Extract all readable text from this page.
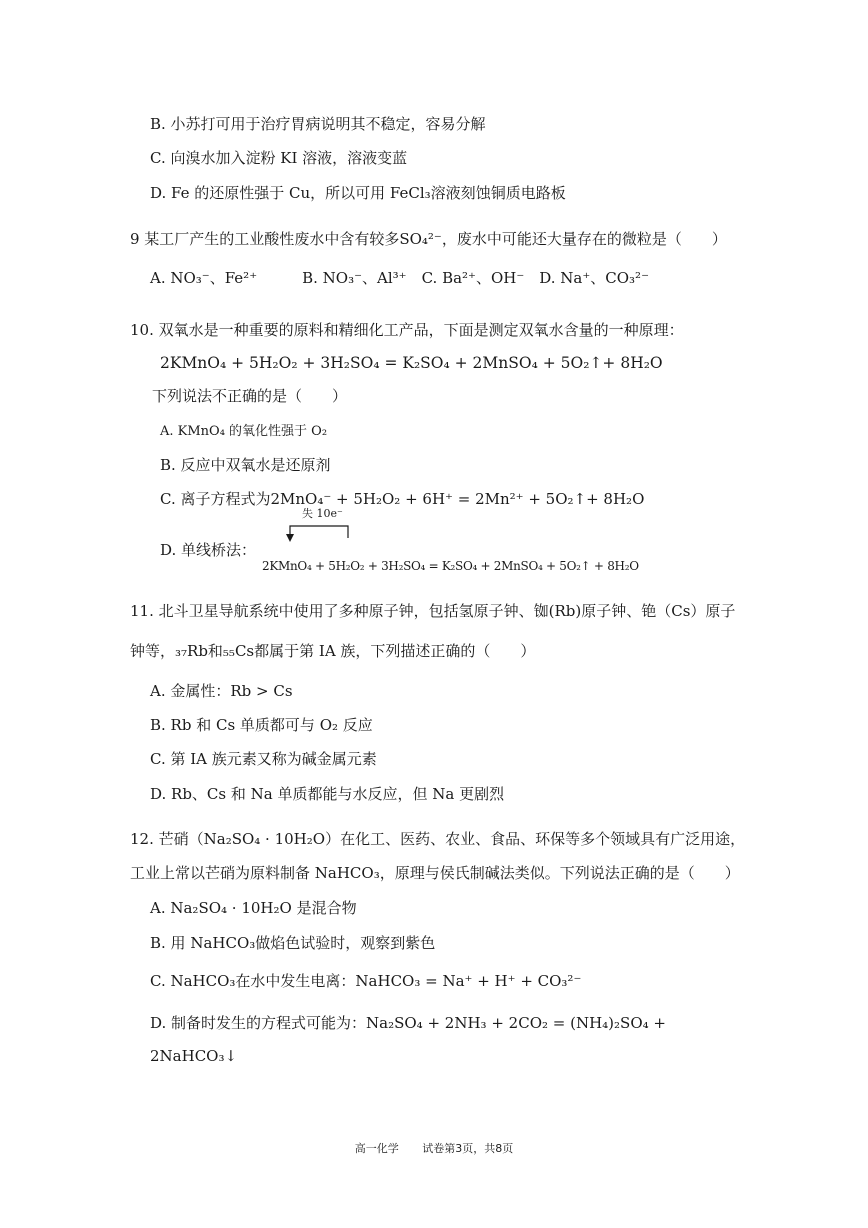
B. 小苏打可用于治疗胃病说明其不稳定，容易分解
C. 向溴水加入淀粉 KI 溶液，溶液变蓝
D. Fe 的还原性强于 Cu，所以可用 FeCl₃溶液刻蚀铜质电路板
9 某工厂产生的工业酸性废水中含有较多SO₄²⁻，废水中可能还大量存在的微粒是（　　）
A. NO₃⁻、Fe²⁺　　　B. NO₃⁻、Al³⁺　C. Ba²⁺、OH⁻　D. Na⁺、CO₃²⁻
10. 双氧水是一种重要的原料和精细化工产品，下面是测定双氧水含量的一种原理：
2KMnO₄ + 5H₂O₂ + 3H₂SO₄ = K₂SO₄ + 2MnSO₄ + 5O₂↑+ 8H₂O
下列说法不正确的是（　　）
A. KMnO₄ 的氧化性强于 O₂
B. 反应中双氧水是还原剂
C. 离子方程式为2MnO₄⁻ + 5H₂O₂ + 6H⁺ = 2Mn²⁺ + 5O₂↑+ 8H₂O
D. 单线桥法：
失 10e⁻
2KMnO₄ + 5H₂O₂ + 3H₂SO₄ = K₂SO₄ + 2MnSO₄ + 5O₂↑ + 8H₂O
11. 北斗卫星导航系统中使用了多种原子钟，包括氢原子钟、铷(Rb)原子钟、铯（Cs）原子
钟等，₃₇Rb和₅₅Cs都属于第 IA 族，下列描述正确的（　　）
A. 金属性：Rb > Cs
B. Rb 和 Cs 单质都可与 O₂ 反应
C. 第 IA 族元素又称为碱金属元素
D. Rb、Cs 和 Na 单质都能与水反应，但 Na 更剧烈
12. 芒硝（Na₂SO₄ · 10H₂O）在化工、医药、农业、食品、环保等多个领域具有广泛用途，
工业上常以芒硝为原料制备 NaHCO₃，原理与侯氏制碱法类似。下列说法正确的是（　　）
A. Na₂SO₄ · 10H₂O 是混合物
B. 用 NaHCO₃做焰色试验时，观察到紫色
C. NaHCO₃在水中发生电离：NaHCO₃ = Na⁺ + H⁺ + CO₃²⁻
D. 制备时发生的方程式可能为：Na₂SO₄ + 2NH₃ + 2CO₂ = (NH₄)₂SO₄ +
2NaHCO₃↓
高一化学 试卷第3页，共8页
